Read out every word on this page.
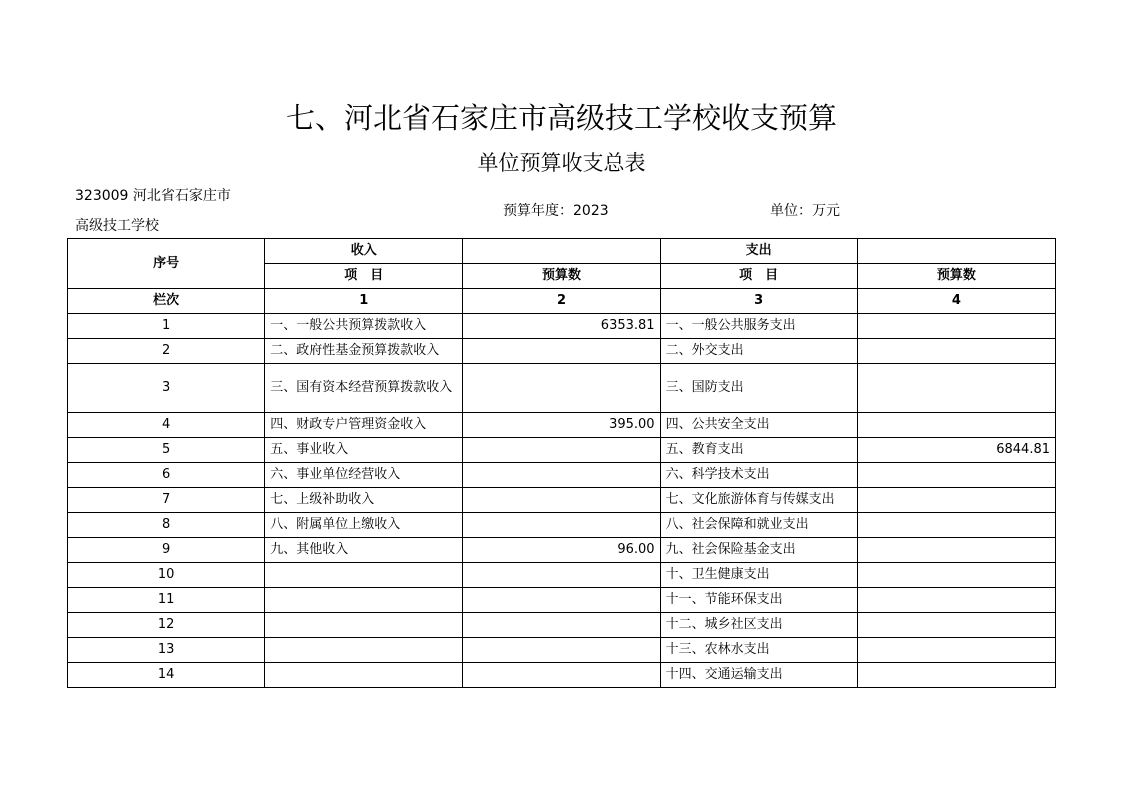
七、河北省石家庄市高级技工学校收支预算
单位预算收支总表
323009 河北省石家庄市
高级技工学校
预算年度：2023	单位：万元
序号	收入		支出	
	项　目	预算数	项　目	预算数
栏次	1	2	3	4
1	一、一般公共预算拨款收入	6353.81	一、一般公共服务支出	
2	二、政府性基金预算拨款收入		二、外交支出	
3	三、国有资本经营预算拨款收入		三、国防支出	
4	四、财政专户管理资金收入	395.00	四、公共安全支出	
5	五、事业收入		五、教育支出	6844.81
6	六、事业单位经营收入		六、科学技术支出	
7	七、上级补助收入		七、文化旅游体育与传媒支出	
8	八、附属单位上缴收入		八、社会保障和就业支出	
9	九、其他收入	96.00	九、社会保险基金支出	
10			十、卫生健康支出	
11			十一、节能环保支出	
12			十二、城乡社区支出	
13			十三、农林水支出	
14			十四、交通运输支出	
